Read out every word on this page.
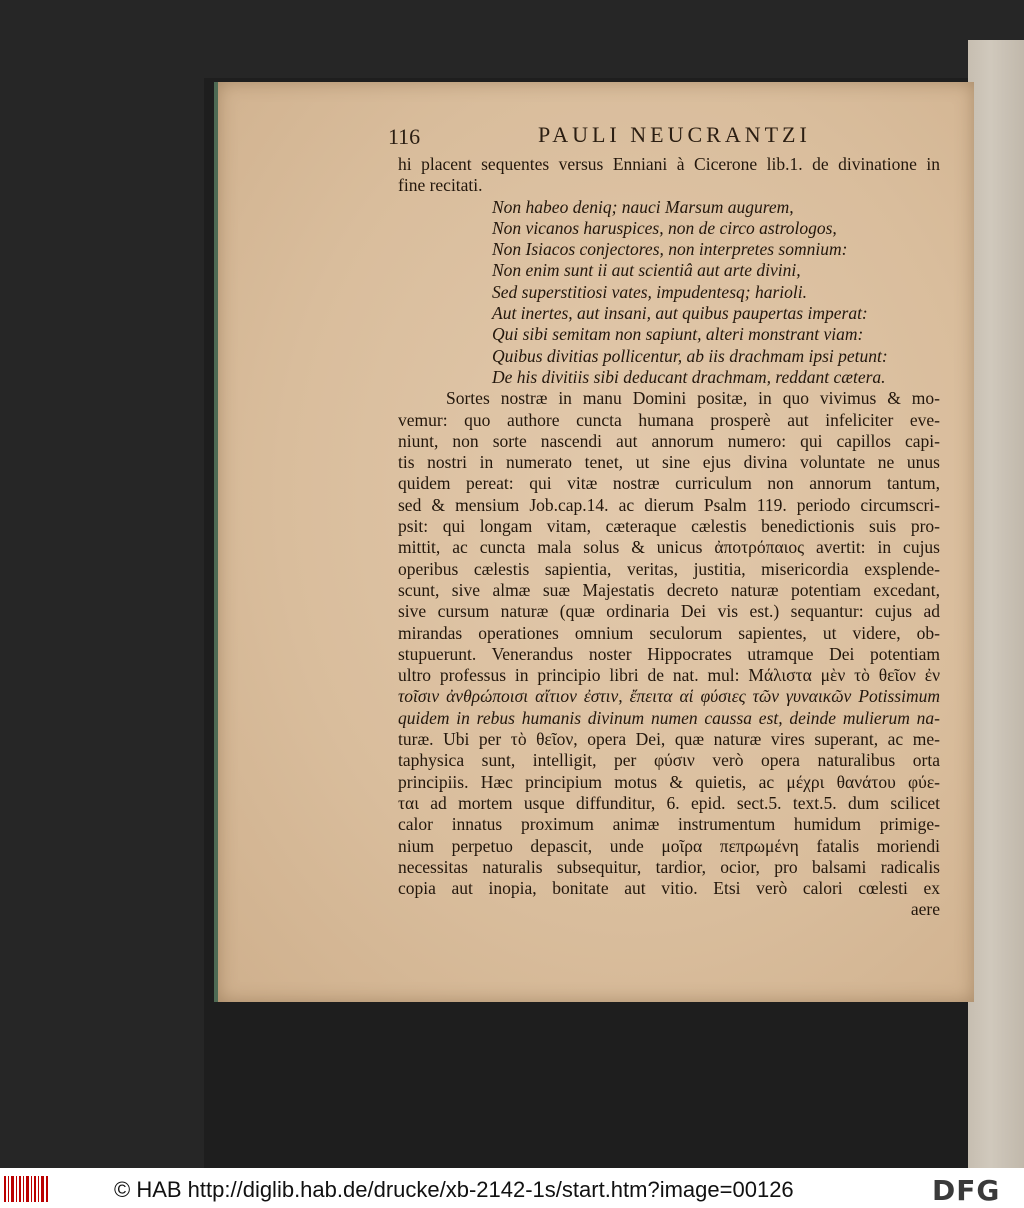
116	PAULI NEUCRANTZI
hi placent sequentes versus Enniani à Cicerone lib.1. de divinatione in
fine recitati.
Non habeo deniq; nauci Marsum augurem,
Non vicanos haruspices, non de circo astrologos,
Non Isiacos conjectores, non interpretes somnium:
Non enim sunt ii aut scientiâ aut arte divini,
Sed superstitiosi vates, impudentesq; harioli.
Aut inertes, aut insani, aut quibus paupertas imperat:
Qui sibi semitam non sapiunt, alteri monstrant viam:
Quibus divitias pollicentur, ab iis drachmam ipsi petunt:
De his divitiis sibi deducant drachmam, reddant cætera.
Sortes nostræ in manu Domini positæ, in quo vivimus & mo-
vemur: quo authore cuncta humana prosperè aut infeliciter eve-
niunt, non sorte nascendi aut annorum numero: qui capillos capi-
tis nostri in numerato tenet, ut sine ejus divina voluntate ne unus
quidem pereat: qui vitæ nostræ curriculum non annorum tantum,
sed & mensium Job.cap.14. ac dierum Psalm 119. periodo circumscri-
psit: qui longam vitam, cæteraque cælestis benedictionis suis pro-
mittit, ac cuncta mala solus & unicus ἀποτρόπαιος avertit: in cujus
operibus cælestis sapientia, veritas, justitia, misericordia exsplende-
scunt, sive almæ suæ Majestatis decreto naturæ potentiam excedant,
sive cursum naturæ (quæ ordinaria Dei vis est.) sequantur: cujus ad
mirandas operationes omnium seculorum sapientes, ut videre, ob-
stupuerunt. Venerandus noster Hippocrates utramque Dei potentiam
ultro professus in principio libri de nat. mul: Μάλιστα μὲν τὸ θεῖον ἐν
τοῖσιν ἀνθρώποισι αἴτιον ἐστιν, ἔπειτα αἱ φύσιες τῶν γυναικῶν Potissimum
quidem in rebus humanis divinum numen caussa est, deinde mulierum na-
turæ. Ubi per τὸ θεῖον, opera Dei, quæ naturæ vires superant, ac me-
taphysica sunt, intelligit, per φύσιν verò opera naturalibus orta
principiis. Hæc principium motus & quietis, ac μέχρι θανάτου φύε-
ται ad mortem usque diffunditur, 6. epid. sect.5. text.5. dum scilicet
calor innatus proximum animæ instrumentum humidum primige-
nium perpetuo depascit, unde μοῖρα πεπρωμένη fatalis moriendi
necessitas naturalis subsequitur, tardior, ocior, pro balsami radicalis
copia aut inopia, bonitate aut vitio. Etsi verò calori cœlesti ex
aere
© HAB http://diglib.hab.de/drucke/xb-2142-1s/start.htm?image=00126	DFG
